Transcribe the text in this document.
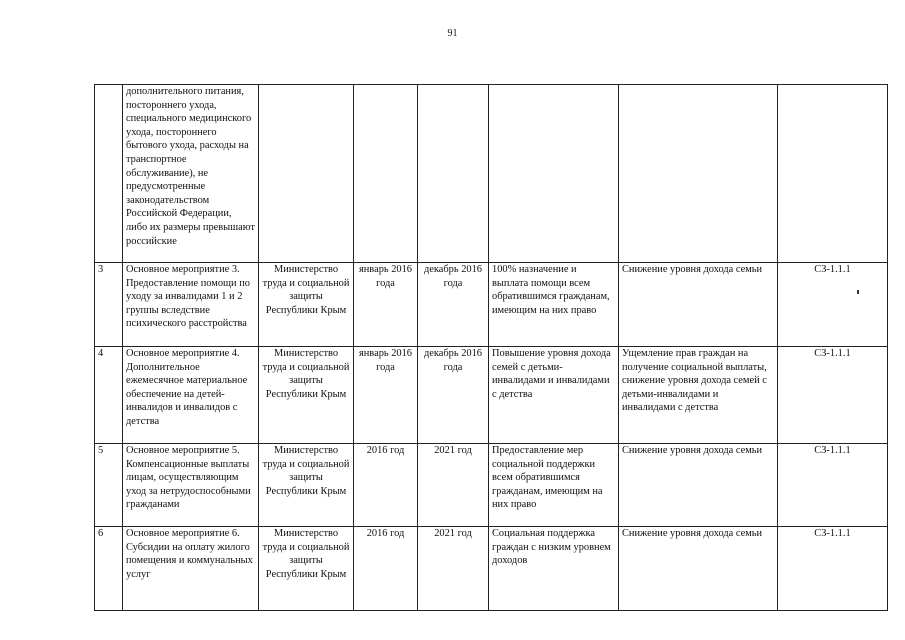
91
	дополнительного питания, постороннего ухода, специального медицинского ухода, постороннего бытового ухода, расходы на транспортное обслуживание), не предусмотренные законодательством Российской Федерации, либо их размеры превышают российские						
3	Основное мероприятие 3. Предоставление помощи по уходу за инвалидами 1 и 2 группы вследствие психического расстройства	Министерство труда и социальной защиты Республики Крым	январь 2016 года	декабрь 2016 года	100% назначение и выплата помощи всем обратившимся гражданам, имеющим на них право	Снижение уровня дохода семьи	СЗ-1.1.1
4	Основное мероприятие 4. Дополнительное ежемесячное материальное обеспечение на детей-инвалидов и инвалидов с детства	Министерство труда и социальной защиты Республики Крым	январь 2016 года	декабрь 2016 года	Повышение уровня дохода семей с детьми-инвалидами и инвалидами с детства	Ущемление прав граждан на получение социальной выплаты, снижение уровня дохода семей с детьми-инвалидами и инвалидами с детства	СЗ-1.1.1
5	Основное мероприятие 5. Компенсационные выплаты лицам, осуществляющим уход за нетрудоспособными гражданами	Министерство труда и социальной защиты Республики Крым	2016 год	2021 год	Предоставление мер социальной поддержки всем обратившимся гражданам, имеющим на них право	Снижение уровня дохода семьи	СЗ-1.1.1
6	Основное мероприятие 6. Субсидии на оплату жилого помещения и коммунальных услуг	Министерство труда и социальной защиты Республики Крым	2016 год	2021 год	Социальная поддержка граждан с низким уровнем доходов	Снижение уровня дохода семьи	СЗ-1.1.1
